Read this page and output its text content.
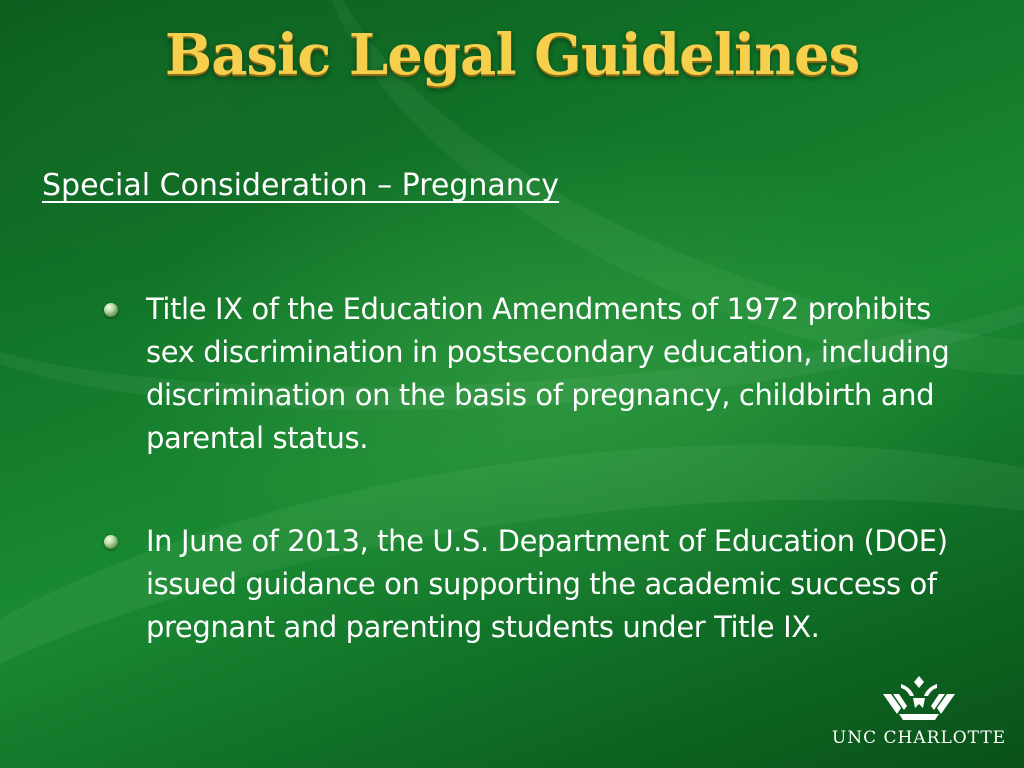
Basic Legal Guidelines
Special Consideration – Pregnancy
Title IX of the Education Amendments of 1972 prohibits sex discrimination in postsecondary education, including discrimination on the basis of pregnancy, childbirth and parental status.
In June of 2013, the U.S. Department of Education (DOE) issued guidance on supporting the academic success of pregnant and parenting students under Title IX.
UNC CHARLOTTE
